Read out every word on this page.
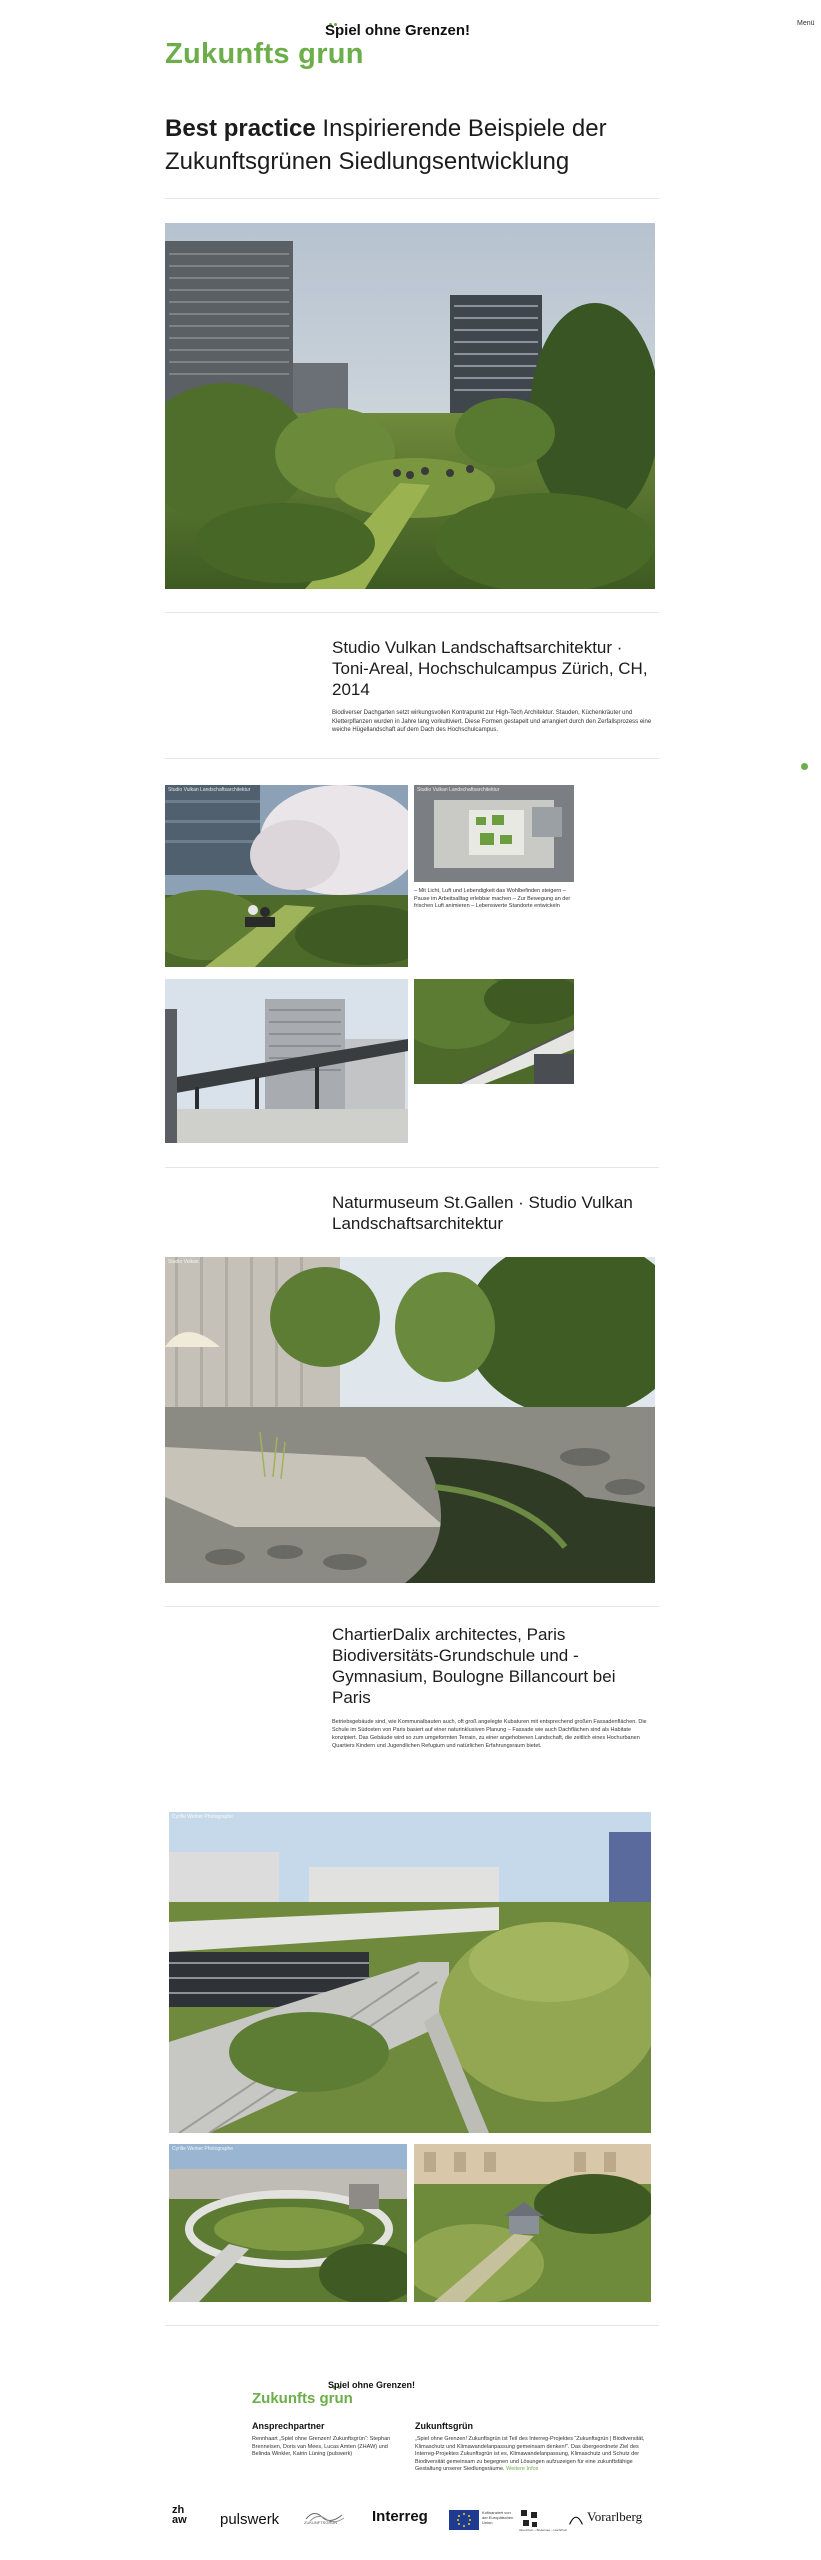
Spiel ohne Grenzen!
Zukunfts grun
Menü
Best practice Inspirierende Beispiele der Zukunftsgrünen Siedlungsentwicklung
Studio Vulkan Landschaftsarchitektur · Toni-Areal, Hochschulcampus Zürich, CH, 2014

Biodiverser Dachgarten setzt wirkungsvollen Kontrapunkt zur High-Tech Architektur. Stauden, Küchenkräuter und Kletterpflanzen wurden in Jahre lang vorkultiviert. Diese Formen gestapelt und arrangiert durch den Zerfallsprozess eine weiche Hügellandschaft auf dem Dach des Hochschulcampus.

Studio Vulkan Landschaftsarchitektur	Studio Vulkan Landschaftsarchitektur

– Mit Licht, Luft und Lebendigkeit das Wohlbefinden steigern – Pause im Arbeitsalltag erlebbar machen – Zur Bewegung an der frischen Luft animieren – Lebenswerte Standorte entwickeln

Naturmuseum St.Gallen · Studio Vulkan Landschaftsarchitektur
Studio Vulkan
ChartierDalix architectes, Paris Biodiversitäts-Grundschule und -Gymnasium, Boulogne Billancourt bei Paris

Betriebsgebäude sind, wie Kommunalbauten auch, oft groß angelegte Kubaturen mit entsprechend großen Fassadenflächen. Die Schule im Südosten von Paris basiert auf einer naturinklusiven Planung – Fassade wie auch Dachflächen sind als Habitate konzipiert. Das Gebäude wird so zum umgeformten Terrain, zu einer angehobenen Landschaft, die zeitlich eines Hochurbanen Quartiers Kindern und Jugendlichen Refugium und natürlichen Erfahrungsraum bietet.

Cyrille Weiner Photographe
Cyrille Weiner Photographe
Spiel ohne Grenzen!
Zukunfts grun
Ansprechpartner

Rennhaart „Spiel ohne Grenzen! Zukunftsgrün“: Stephan Brenneisen, Doris van Mees, Lucas Amten (ZHAW) und Belinda Winkler, Katrin Lüning (pulswerk)

Zukunftsgrün

„Spiel ohne Grenzen! Zukunftsgrün ist Teil des Interreg-Projektes “Zukunftsgrün | Biodiversität, Klimaschutz und Klimawandelanpassung gemeinsam denken!”. Das übergeordnete Ziel des Interreg-Projektes Zukunftsgrün ist es, Klimawandelanpassung, Klimaschutz und Schutz der Biodiversität gemeinsam zu begegnen und Lösungen aufzuzeigen für eine zukunftsfähige Gestaltung unserer Siedlungsräume. Weitere Infos

zh aw	pulswerk	ZUKUNFTSGRÜN Interreg	Kofinanziert von der Europäischen Union
Alpenrhein – Bodensee – Hochrhein
Vorarlberg
